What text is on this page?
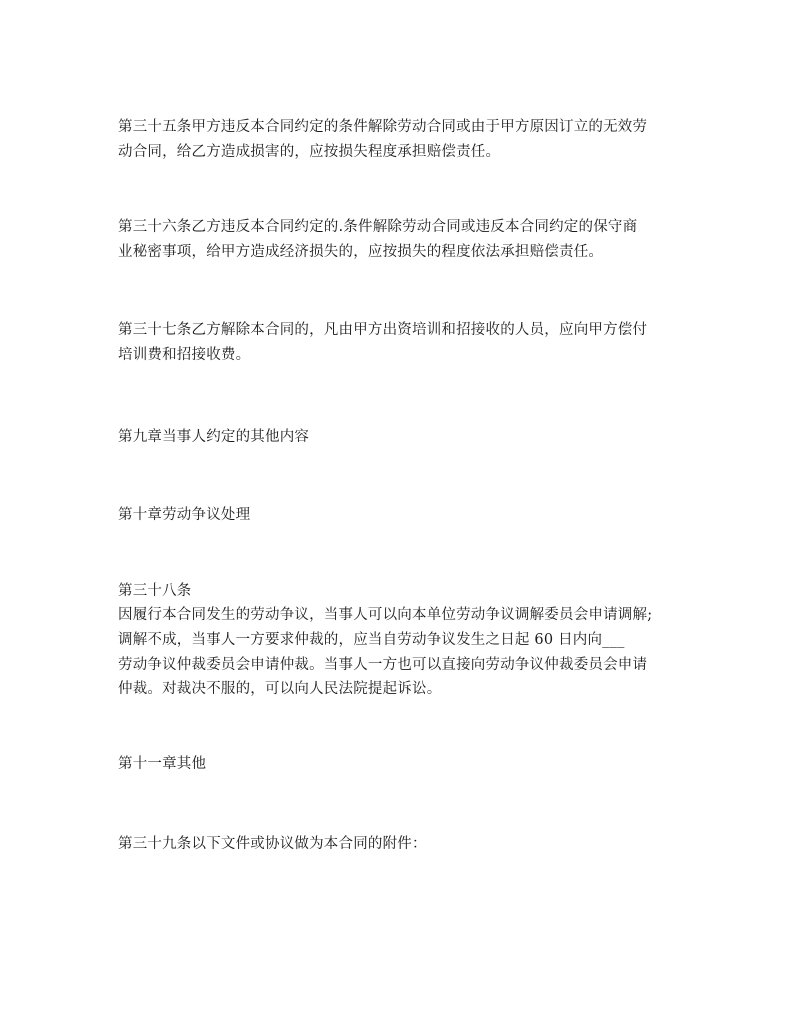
第三十五条甲方违反本合同约定的条件解除劳动合同或由于甲方原因订立的无效劳
动合同，给乙方造成损害的，应按损失程度承担赔偿责任。
第三十六条乙方违反本合同约定的.条件解除劳动合同或违反本合同约定的保守商
业秘密事项，给甲方造成经济损失的，应按损失的程度依法承担赔偿责任。
第三十七条乙方解除本合同的，凡由甲方出资培训和招接收的人员，应向甲方偿付
培训费和招接收费。
第九章当事人约定的其他内容
第十章劳动争议处理
第三十八条
因履行本合同发生的劳动争议，当事人可以向本单位劳动争议调解委员会申请调解;
调解不成，当事人一方要求仲裁的，应当自劳动争议发生之日起 60 日内向___
劳动争议仲裁委员会申请仲裁。当事人一方也可以直接向劳动争议仲裁委员会申请
仲裁。对裁决不服的，可以向人民法院提起诉讼。
第十一章其他
第三十九条以下文件或协议做为本合同的附件：
